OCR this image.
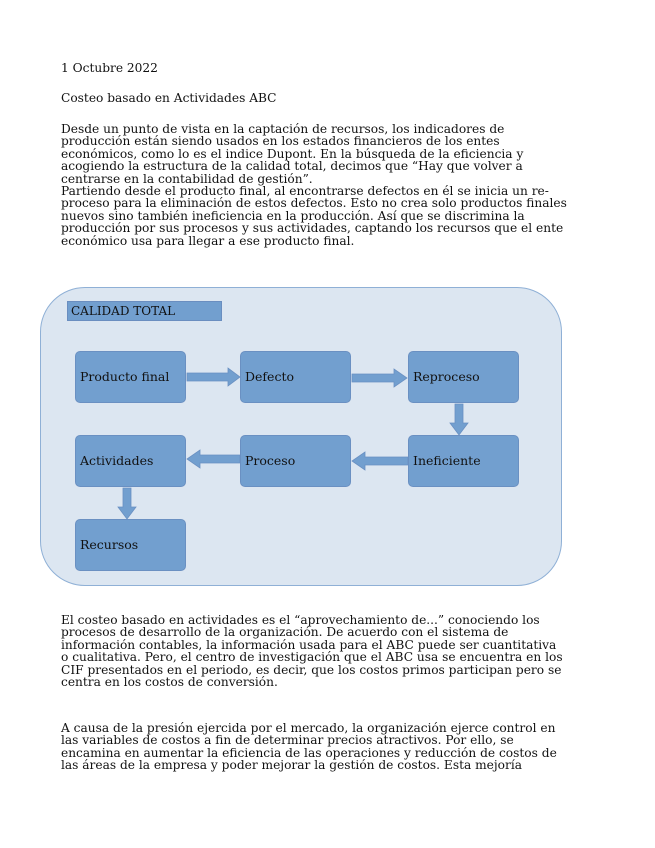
1 Octubre 2022

Costeo basado en Actividades ABC

Desde un punto de vista en la captación de recursos, los indicadores de

producción están siendo usados en los estados financieros de los entes

económicos, como lo es el indice Dupont. En la búsqueda de la eficiencia y

acogiendo la estructura de la calidad total, decimos que “Hay que volver a

centrarse en la contabilidad de gestión”.

Partiendo desde el producto final, al encontrarse defectos en él se inicia un re-

proceso para la eliminación de estos defectos. Esto no crea solo productos finales

nuevos sino también ineficiencia en la producción. Así que se discrimina la

producción por sus procesos y sus actividades, captando los recursos que el ente

económico usa para llegar a ese producto final.

CALIDAD TOTAL
Producto final	Defecto	Reproceso
Ineficiente
Proceso
Actividades
Recursos

El costeo basado en actividades es el “aprovechamiento de...” conociendo los

procesos de desarrollo de la organización. De acuerdo con el sistema de

información contables, la información usada para el ABC puede ser cuantitativa

o cualitativa. Pero, el centro de investigación que el ABC usa se encuentra en los

CIF presentados en el periodo, es decir, que los costos primos participan pero se

centra en los costos de conversión.

A causa de la presión ejercida por el mercado, la organización ejerce control en

las variables de costos a fin de determinar precios atractivos. Por ello, se

encamina en aumentar la eficiencia de las operaciones y reducción de costos de

las áreas de la empresa y poder mejorar la gestión de costos. Esta mejoría
